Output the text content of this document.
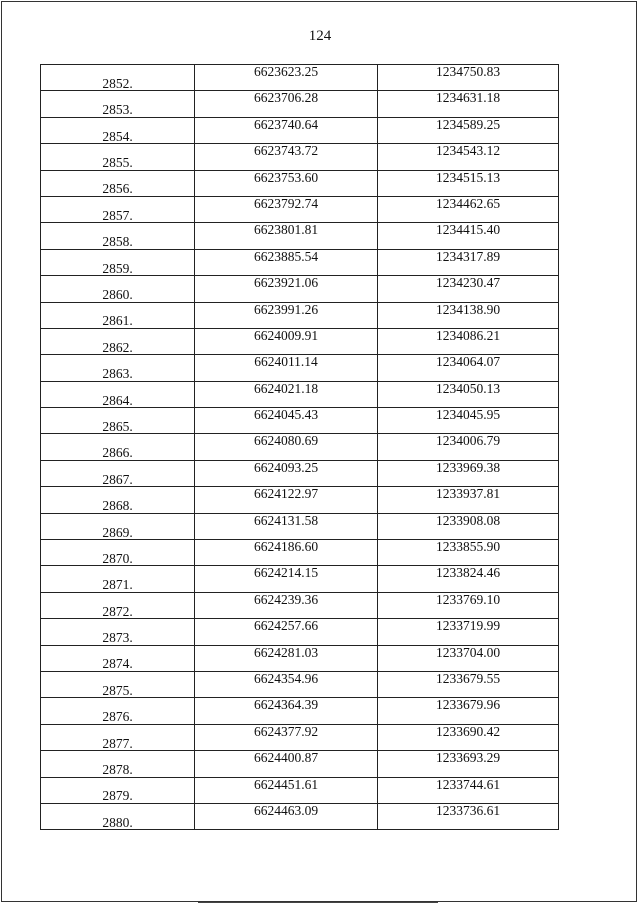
124
2852.	6623623.25	1234750.83
2853.	6623706.28	1234631.18
2854.	6623740.64	1234589.25
2855.	6623743.72	1234543.12
2856.	6623753.60	1234515.13
2857.	6623792.74	1234462.65
2858.	6623801.81	1234415.40
2859.	6623885.54	1234317.89
2860.	6623921.06	1234230.47
2861.	6623991.26	1234138.90
2862.	6624009.91	1234086.21
2863.	6624011.14	1234064.07
2864.	6624021.18	1234050.13
2865.	6624045.43	1234045.95
2866.	6624080.69	1234006.79
2867.	6624093.25	1233969.38
2868.	6624122.97	1233937.81
2869.	6624131.58	1233908.08
2870.	6624186.60	1233855.90
2871.	6624214.15	1233824.46
2872.	6624239.36	1233769.10
2873.	6624257.66	1233719.99
2874.	6624281.03	1233704.00
2875.	6624354.96	1233679.55
2876.	6624364.39	1233679.96
2877.	6624377.92	1233690.42
2878.	6624400.87	1233693.29
2879.	6624451.61	1233744.61
2880.	6624463.09	1233736.61
